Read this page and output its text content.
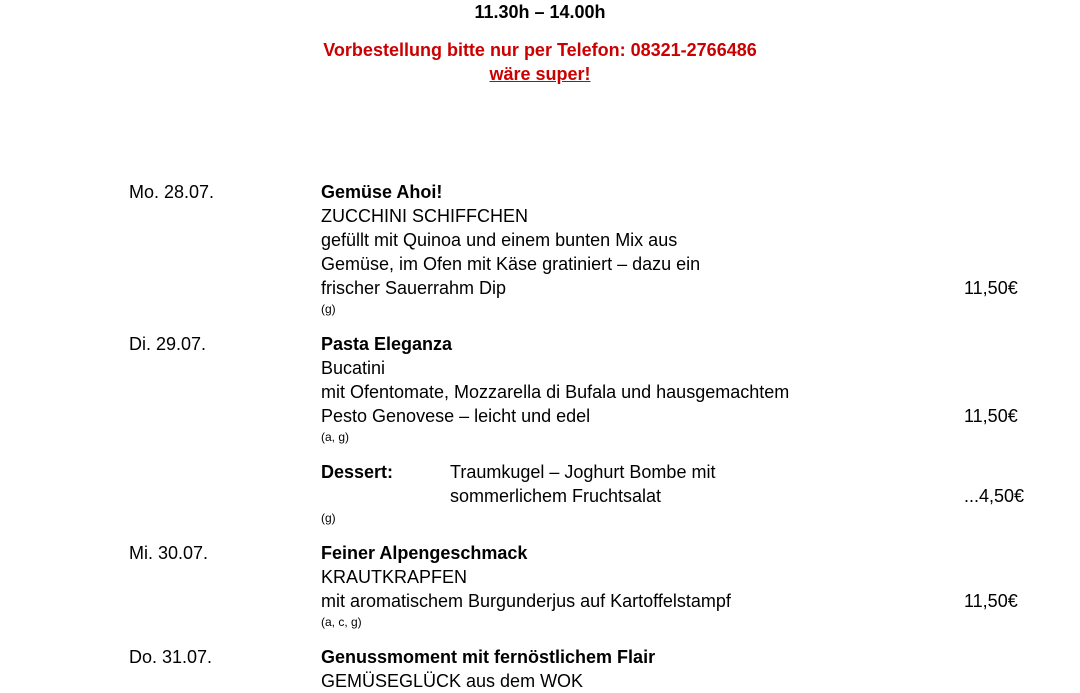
11.30h – 14.00h
Vorbestellung bitte nur per Telefon: 08321-2766486
wäre super!
Mo. 28.07.	Gemüse Ahoi!
ZUCCHINI SCHIFFCHEN
gefüllt mit Quinoa und einem bunten Mix aus
Gemüse, im Ofen mit Käse gratiniert – dazu ein
frischer Sauerrahm Dip	11,50€
(g)
Di. 29.07.	Pasta Eleganza
Bucatini
mit Ofentomate, Mozzarella di Bufala und hausgemachtem
Pesto Genovese – leicht und edel	11,50€
(a, g)
Dessert:	Traumkugel – Joghurt Bombe mit
sommerlichem Fruchtsalat	...4,50€
(g)
Mi. 30.07.	Feiner Alpengeschmack
KRAUTKRAPFEN
mit aromatischem Burgunderjus auf Kartoffelstampf	11,50€
(a, c, g)
Do. 31.07.	Genussmoment mit fernöstlichem Flair
GEMÜSEGLÜCK aus dem WOK
